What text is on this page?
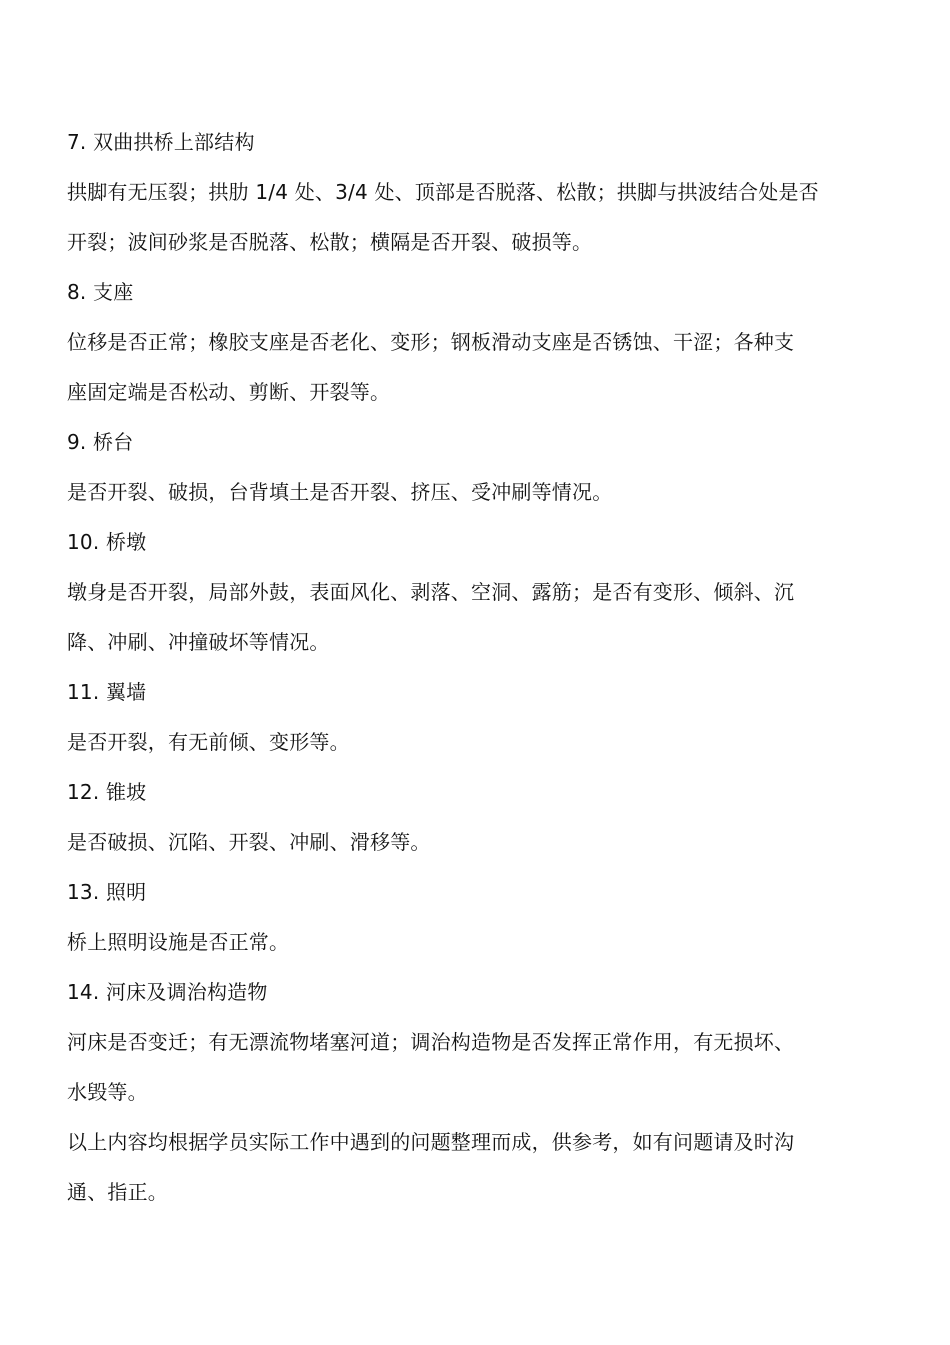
7. 双曲拱桥上部结构
拱脚有无压裂；拱肋 1/4 处、3/4 处、顶部是否脱落、松散；拱脚与拱波结合处是否
开裂；波间砂浆是否脱落、松散；横隔是否开裂、破损等。
8. 支座
位移是否正常；橡胶支座是否老化、变形；钢板滑动支座是否锈蚀、干涩；各种支
座固定端是否松动、剪断、开裂等。
9. 桥台
是否开裂、破损，台背填土是否开裂、挤压、受冲刷等情况。
10. 桥墩
墩身是否开裂，局部外鼓，表面风化、剥落、空洞、露筋；是否有变形、倾斜、沉
降、冲刷、冲撞破坏等情况。
11. 翼墙
是否开裂，有无前倾、变形等。
12. 锥坡
是否破损、沉陷、开裂、冲刷、滑移等。
13. 照明
桥上照明设施是否正常。
14. 河床及调治构造物
河床是否变迁；有无漂流物堵塞河道；调治构造物是否发挥正常作用，有无损坏、
水毁等。
以上内容均根据学员实际工作中遇到的问题整理而成，供参考，如有问题请及时沟
通、指正。
